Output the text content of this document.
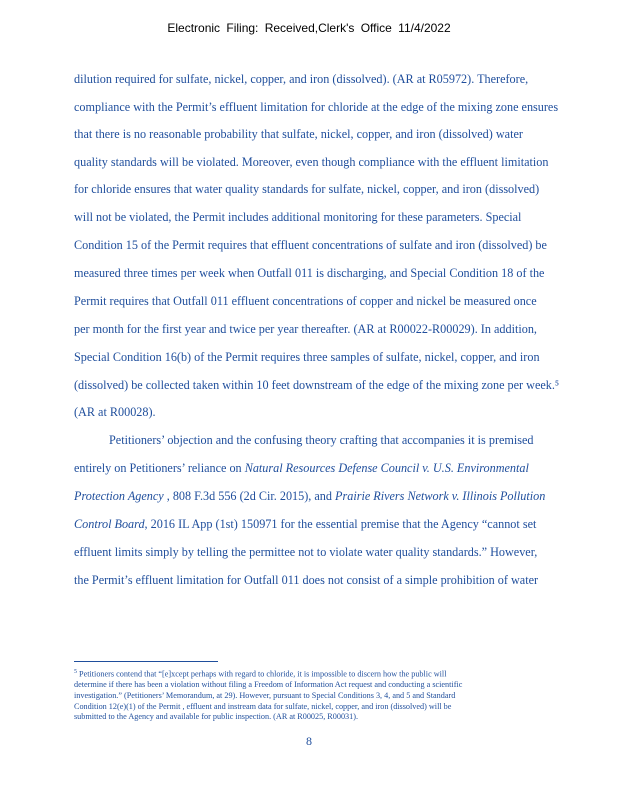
Electronic Filing: Received,Clerk's Office 11/4/2022
dilution required for sulfate, nickel, copper, and iron (dissolved). (AR at R05972). Therefore,
compliance with the Permit’s effluent limitation for chloride at the edge of the mixing zone ensures
that there is no reasonable probability that sulfate, nickel, copper, and iron (dissolved) water
quality standards will be violated. Moreover, even though compliance with the effluent limitation
for chloride ensures that water quality standards for sulfate, nickel, copper, and iron (dissolved)
will not be violated, the Permit includes additional monitoring for these parameters. Special
Condition 15 of the Permit requires that effluent concentrations of sulfate and iron (dissolved) be
measured three times per week when Outfall 011 is discharging, and Special Condition 18 of the
Permit requires that Outfall 011 effluent concentrations of copper and nickel be measured once
per month for the first year and twice per year thereafter. (AR at R00022-R00029). In addition,
Special Condition 16(b) of the Permit requires three samples of sulfate, nickel, copper, and iron
(dissolved) be collected taken within 10 feet downstream of the edge of the mixing zone per week.⁵
(AR at R00028).
Petitioners’ objection and the confusing theory crafting that accompanies it is premised
entirely on Petitioners’ reliance on Natural Resources Defense Council v. U.S. Environmental
Protection Agency , 808 F.3d 556 (2d Cir. 2015), and Prairie Rivers Network v. Illinois Pollution
Control Board, 2016 IL App (1st) 150971 for the essential premise that the Agency “cannot set
effluent limits simply by telling the permittee not to violate water quality standards.” However,
the Permit’s effluent limitation for Outfall 011 does not consist of a simple prohibition of water
$^5$ Petitioners contend that “[e]xcept perhaps with regard to chloride, it is impossible to discern how the public will
determine if there has been a violation without filing a Freedom of Information Act request and conducting a scientific
investigation.” (Petitioners’ Memorandum, at 29). However, pursuant to Special Conditions 3, 4, and 5 and Standard
Condition 12(e)(1) of the Permit , effluent and instream data for sulfate, nickel, copper, and iron (dissolved) will be
submitted to the Agency and available for public inspection. (AR at R00025, R00031).
8
